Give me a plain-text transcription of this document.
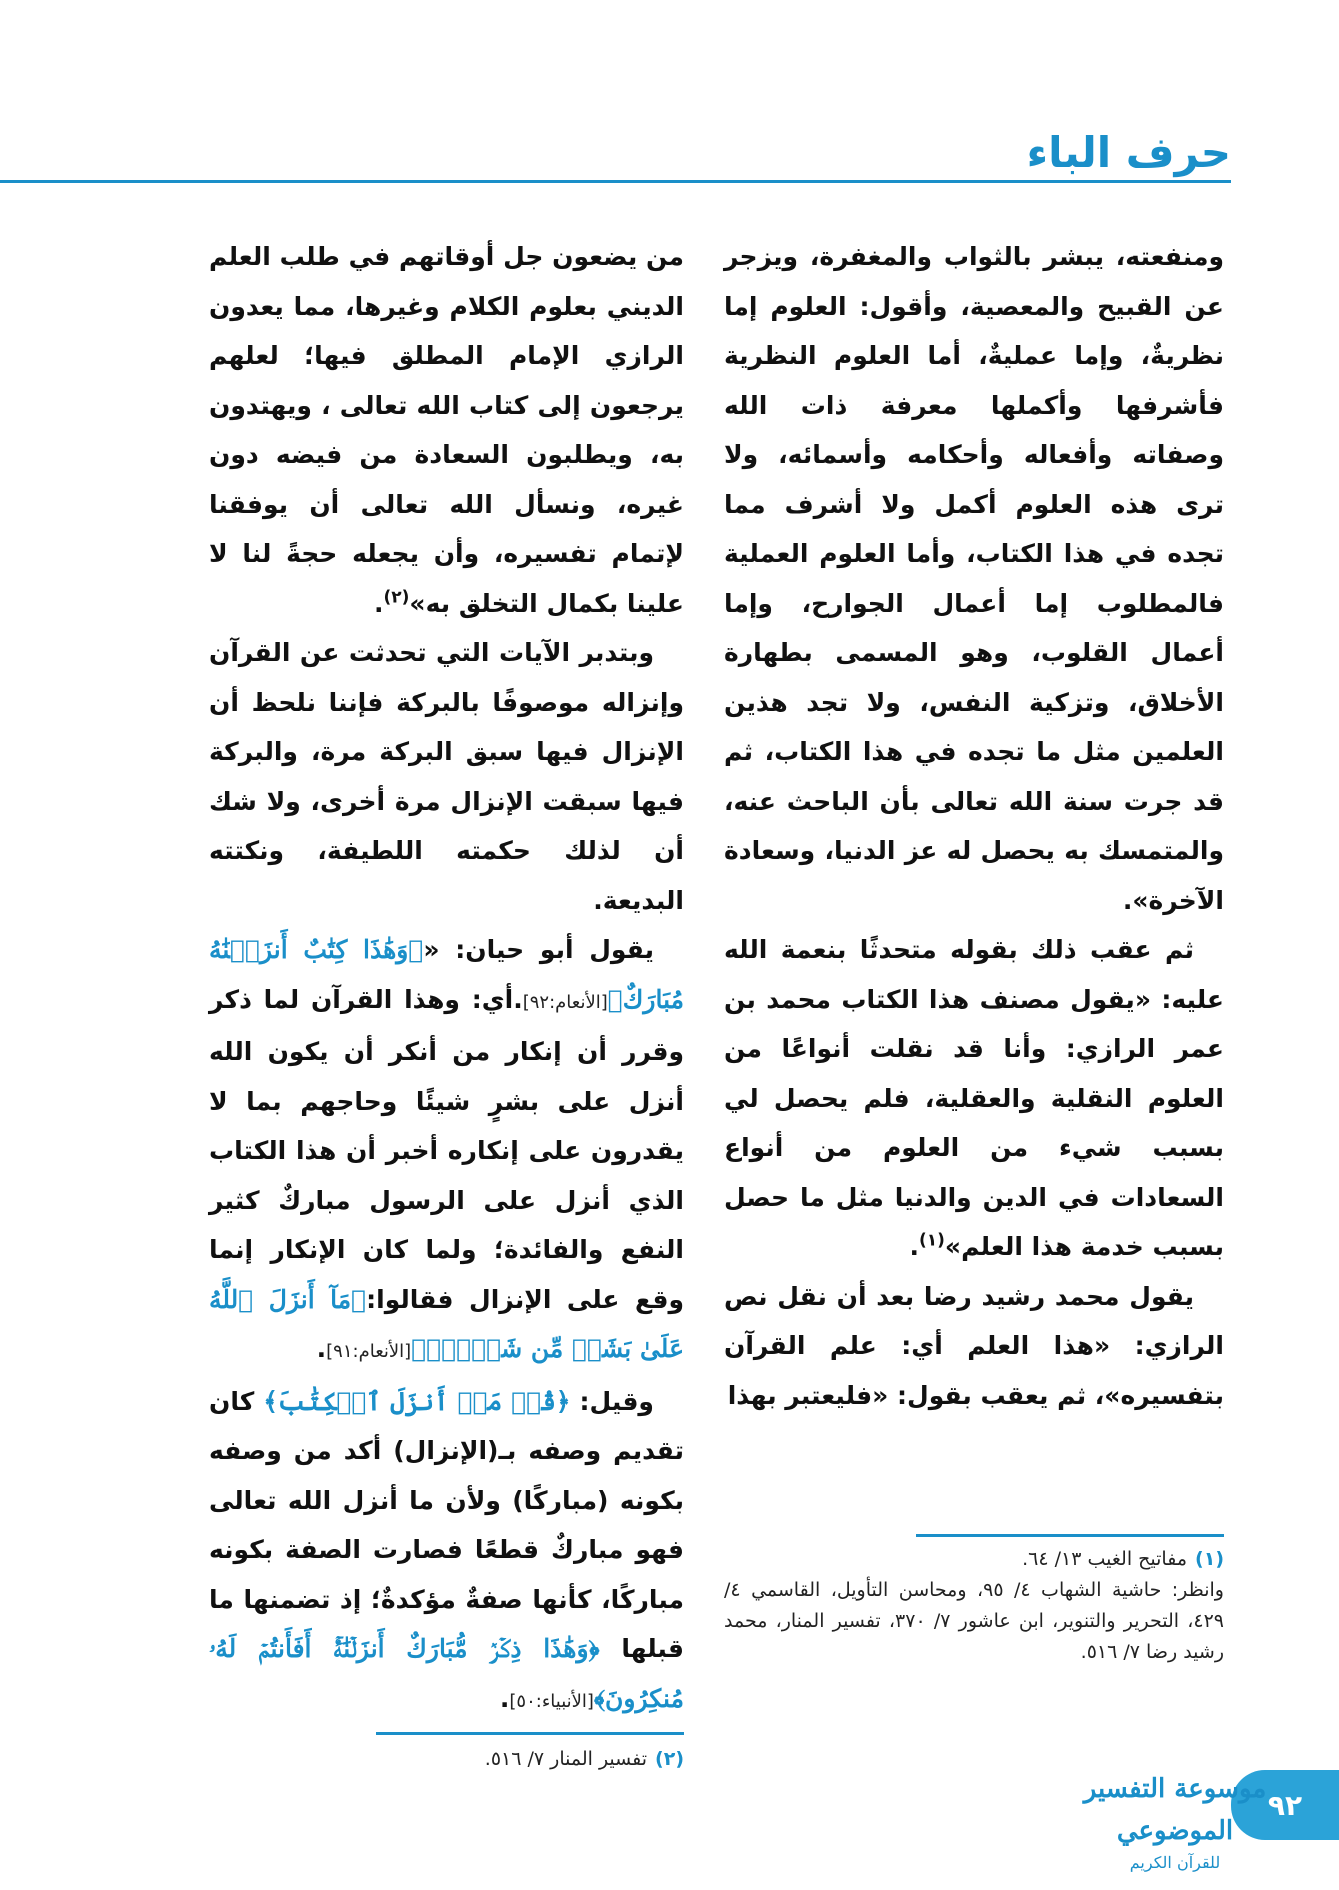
حرف الباء

ومنفعته، يبشر بالثواب والمغفرة، ويزجر عن القبيح والمعصية، وأقول: العلوم إما نظريةٌ، وإما عمليةٌ، أما العلوم النظرية فأشرفها وأكملها معرفة ذات الله وصفاته وأفعاله وأحكامه وأسمائه، ولا ترى هذه العلوم أكمل ولا أشرف مما تجده في هذا الكتاب، وأما العلوم العملية فالمطلوب إما أعمال الجوارح، وإما أعمال القلوب، وهو المسمى بطهارة الأخلاق، وتزكية النفس، ولا تجد هذين العلمين مثل ما تجده في هذا الكتاب، ثم قد جرت سنة الله تعالى بأن الباحث عنه، والمتمسك به يحصل له عز الدنيا، وسعادة الآخرة».

ثم عقب ذلك بقوله متحدثًا بنعمة الله عليه: «يقول مصنف هذا الكتاب محمد بن عمر الرازي: وأنا قد نقلت أنواعًا من العلوم النقلية والعقلية، فلم يحصل لي بسبب شيء من العلوم من أنواع السعادات في الدين والدنيا مثل ما حصل بسبب خدمة هذا العلم»$^{(١)}$.

يقول محمد رشيد رضا بعد أن نقل نص الرازي: «هذا العلم أي: علم القرآن بتفسيره»، ثم يعقب بقول: «فليعتبر بهذا

من يضعون جل أوقاتهم في طلب العلم الديني بعلوم الكلام وغيرها، مما يعدون الرازي الإمام المطلق فيها؛ لعلهم يرجعون إلى كتاب الله تعالى ، ويهتدون به، ويطلبون السعادة من فيضه دون غيره، ونسأل الله تعالى أن يوفقنا لإتمام تفسيره، وأن يجعله حجةً لنا لا علينا بكمال التخلق به»$^{(٢)}$.

وبتدبر الآيات التي تحدثت عن القرآن وإنزاله موصوفًا بالبركة فإننا نلحظ أن الإنزال فيها سبق البركة مرة، والبركة فيها سبقت الإنزال مرة أخرى، ولا شك أن لذلك حكمته اللطيفة، ونكتته البديعة.

يقول أبو حيان: «﴿وَهَٰذَا كِتَٰبٌ أَنزَلۡنَٰهُ مُبَارَكٌ﴾[الأنعام:٩٢].أي: وهذا القرآن لما ذكر وقرر أن إنكار من أنكر أن يكون الله أنزل على بشرٍ شيئًا وحاجهم بما لا يقدرون على إنكاره أخبر أن هذا الكتاب الذي أنزل على الرسول مباركٌ كثير النفع والفائدة؛ ولما كان الإنكار إنما وقع على الإنزال فقالوا:﴿مَآ أَنزَلَ ٱللَّهُ عَلَىٰ بَشَرٖ مِّن شَيۡءٖۗ﴾[الأنعام:٩١].

وقيل: ﴿قُلۡ مَنۡ أَنزَلَ ٱلۡكِتَٰبَ﴾ كان تقديم وصفه بـ(الإنزال) أكد من وصفه بكونه (مباركًا) ولأن ما أنزل الله تعالى فهو مباركٌ قطعًا فصارت الصفة بكونه مباركًا، كأنها صفةٌ مؤكدةٌ؛ إذ تضمنها ما قبلها ﴿وَهَٰذَا ذِكۡرٞ مُّبَارَكٌ أَنزَلۡنَٰهُۚ أَفَأَنتُمۡ لَهُۥ مُنكِرُونَ﴾[الأنبياء:٥٠].

(١)مفاتيح الغيب ١٣/ ٦٤.
وانظر: حاشية الشهاب ٤/ ٩٥، ومحاسن التأويل، القاسمي ٤/ ٤٢٩، التحرير والتنوير، ابن عاشور ٧/ ٣٧٠، تفسير المنار، محمد رشيد رضا ٧/ ٥١٦.
(٢)تفسير المنار ٧/ ٥١٦.
٩٢
موسوعة التفسير الموضوعي
للقرآن الكريم
